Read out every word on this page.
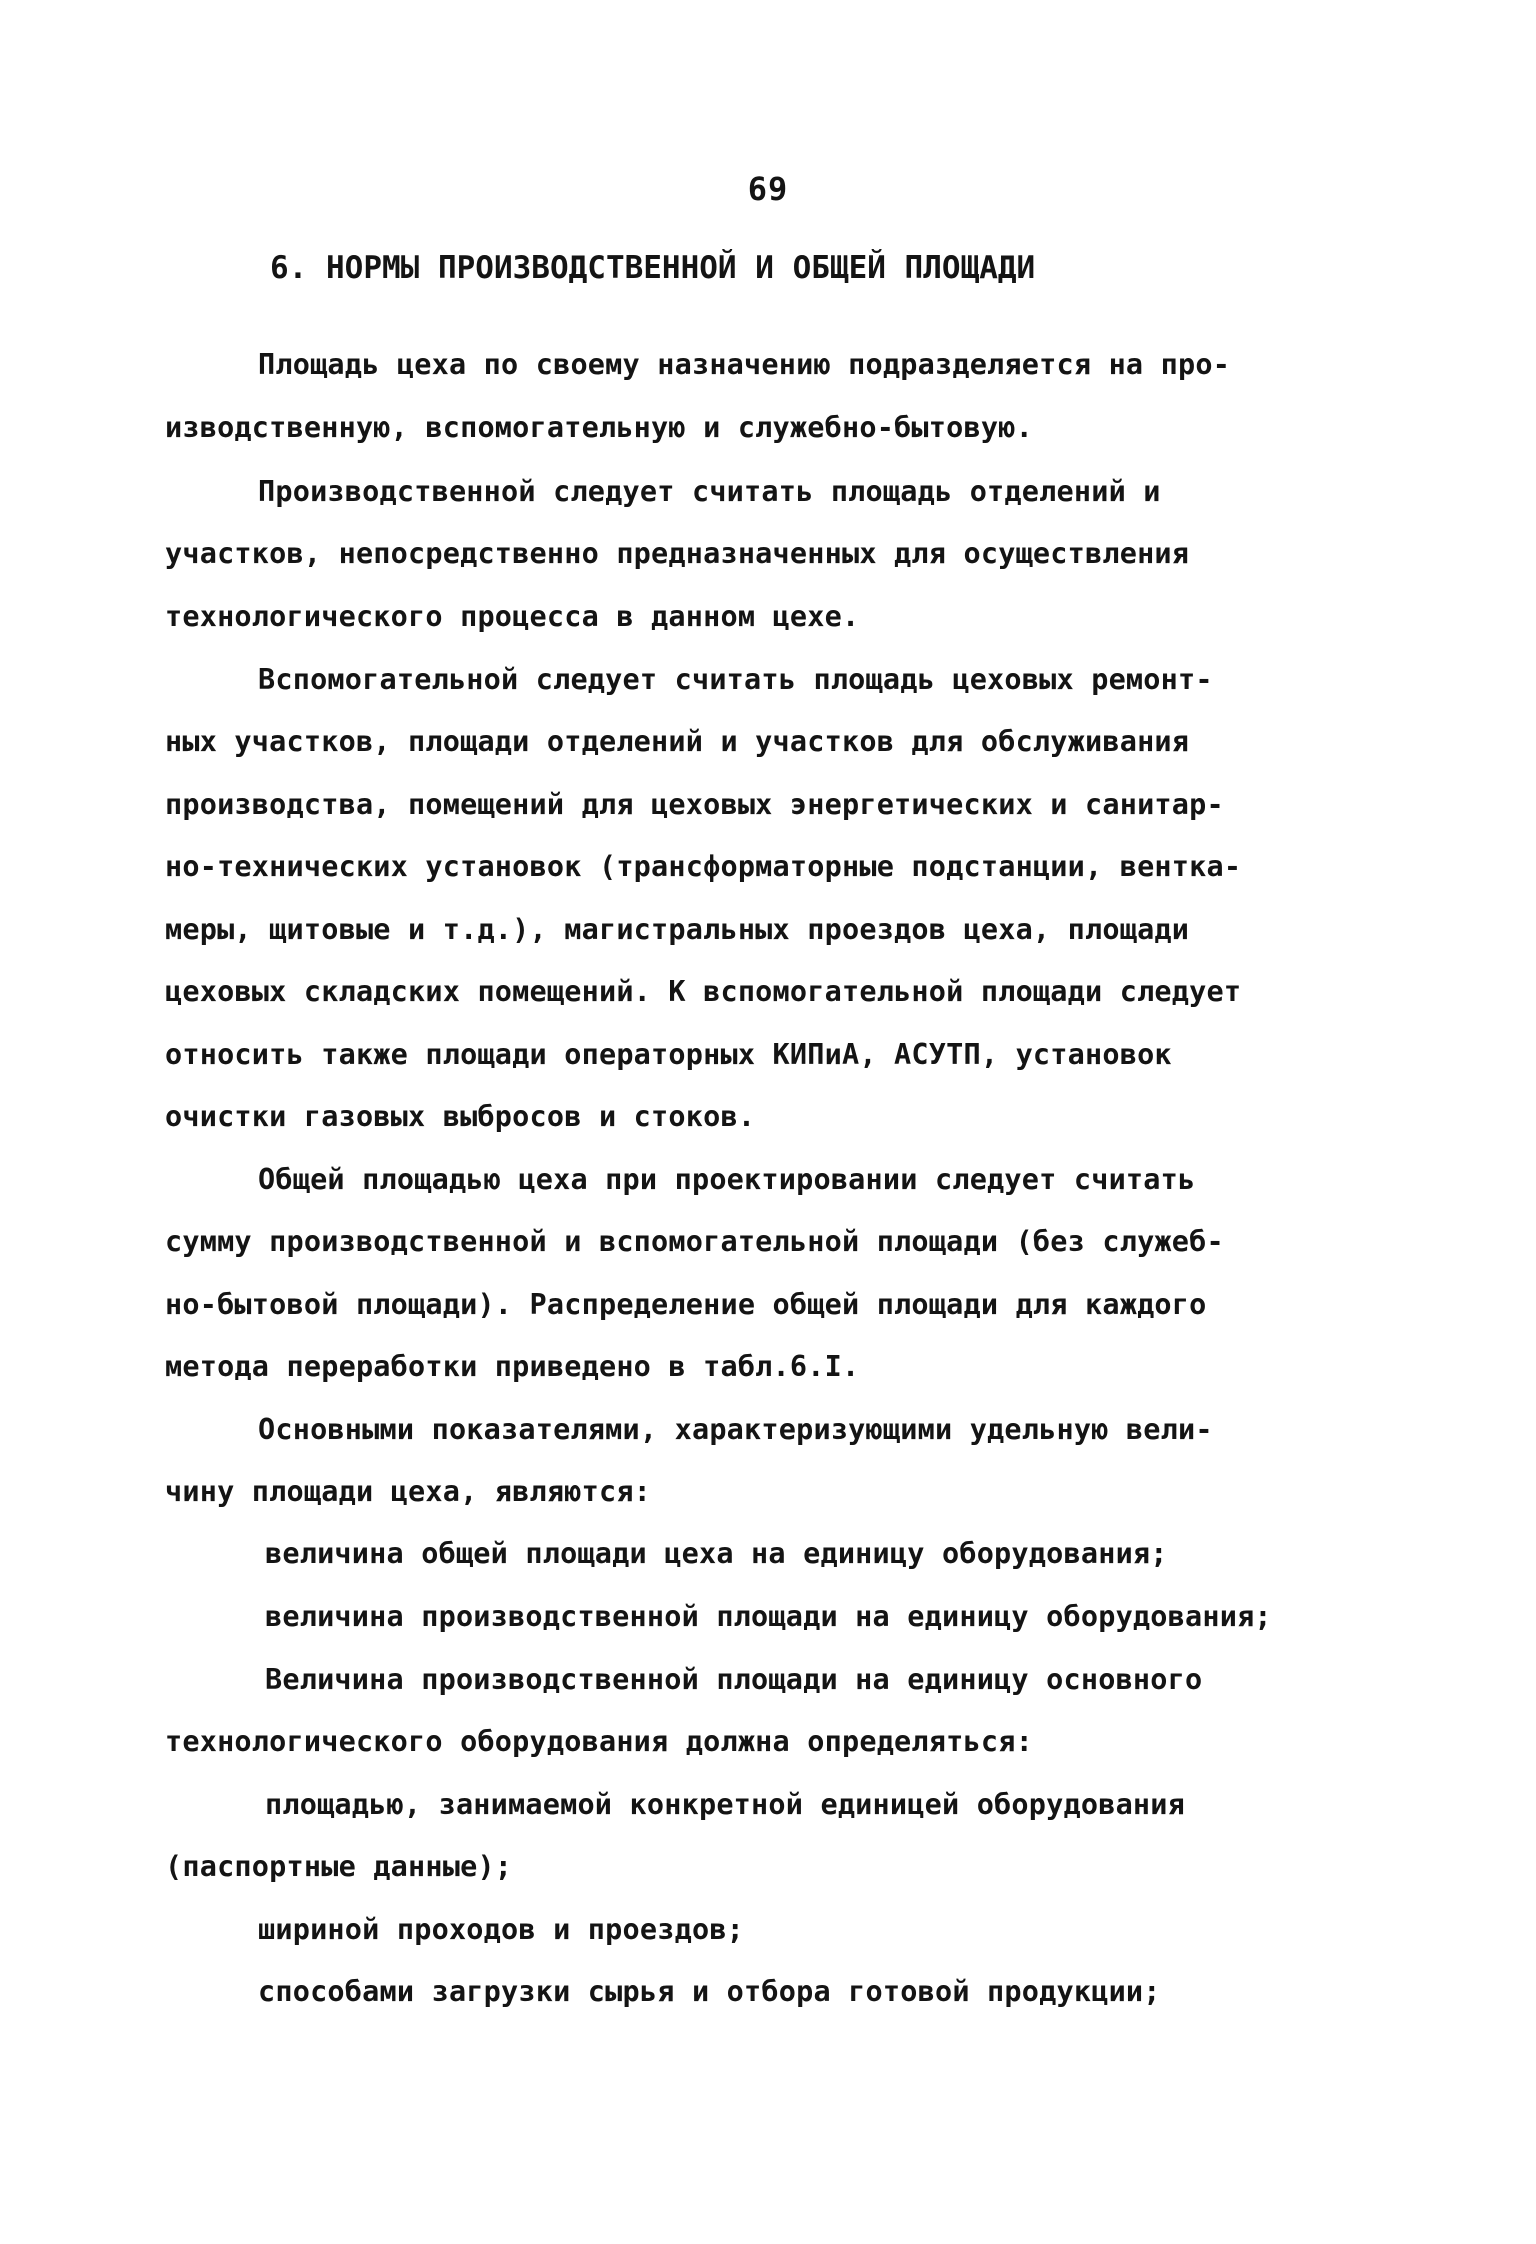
69
6. НОРМЫ ПРОИЗВОДСТВЕННОЙ И ОБЩЕЙ ПЛОЩАДИ
Площадь цеха по своему назначению подразделяется на про-
изводственную, вспомогательную и служебно-бытовую.
Производственной следует считать площадь отделений и
участков, непосредственно предназначенных для осуществления
технологического процесса в данном цехе.
Вспомогательной следует считать площадь цеховых ремонт-
ных участков, площади отделений и участков для обслуживания
производства, помещений для цеховых энергетических и санитар-
но-технических установок (трансформаторные подстанции, вентка-
меры, щитовые и т.д.), магистральных проездов цеха, площади
цеховых складских помещений. К вспомогательной площади следует
относить также площади операторных КИПиА, АСУТП, установок
очистки газовых выбросов и стоков.
Общей площадью цеха при проектировании следует считать
сумму производственной и вспомогательной площади (без служеб-
но-бытовой площади). Распределение общей площади для каждого
метода переработки приведено в табл.6.I.
Основными показателями, характеризующими удельную вели-
чину площади цеха, являются:
величина общей площади цеха на единицу оборудования;
величина производственной площади на единицу оборудования;
Величина производственной площади на единицу основного
технологического оборудования должна определяться:
площадью, занимаемой конкретной единицей оборудования
(паспортные данные);
шириной проходов и проездов;
способами загрузки сырья и отбора готовой продукции;
